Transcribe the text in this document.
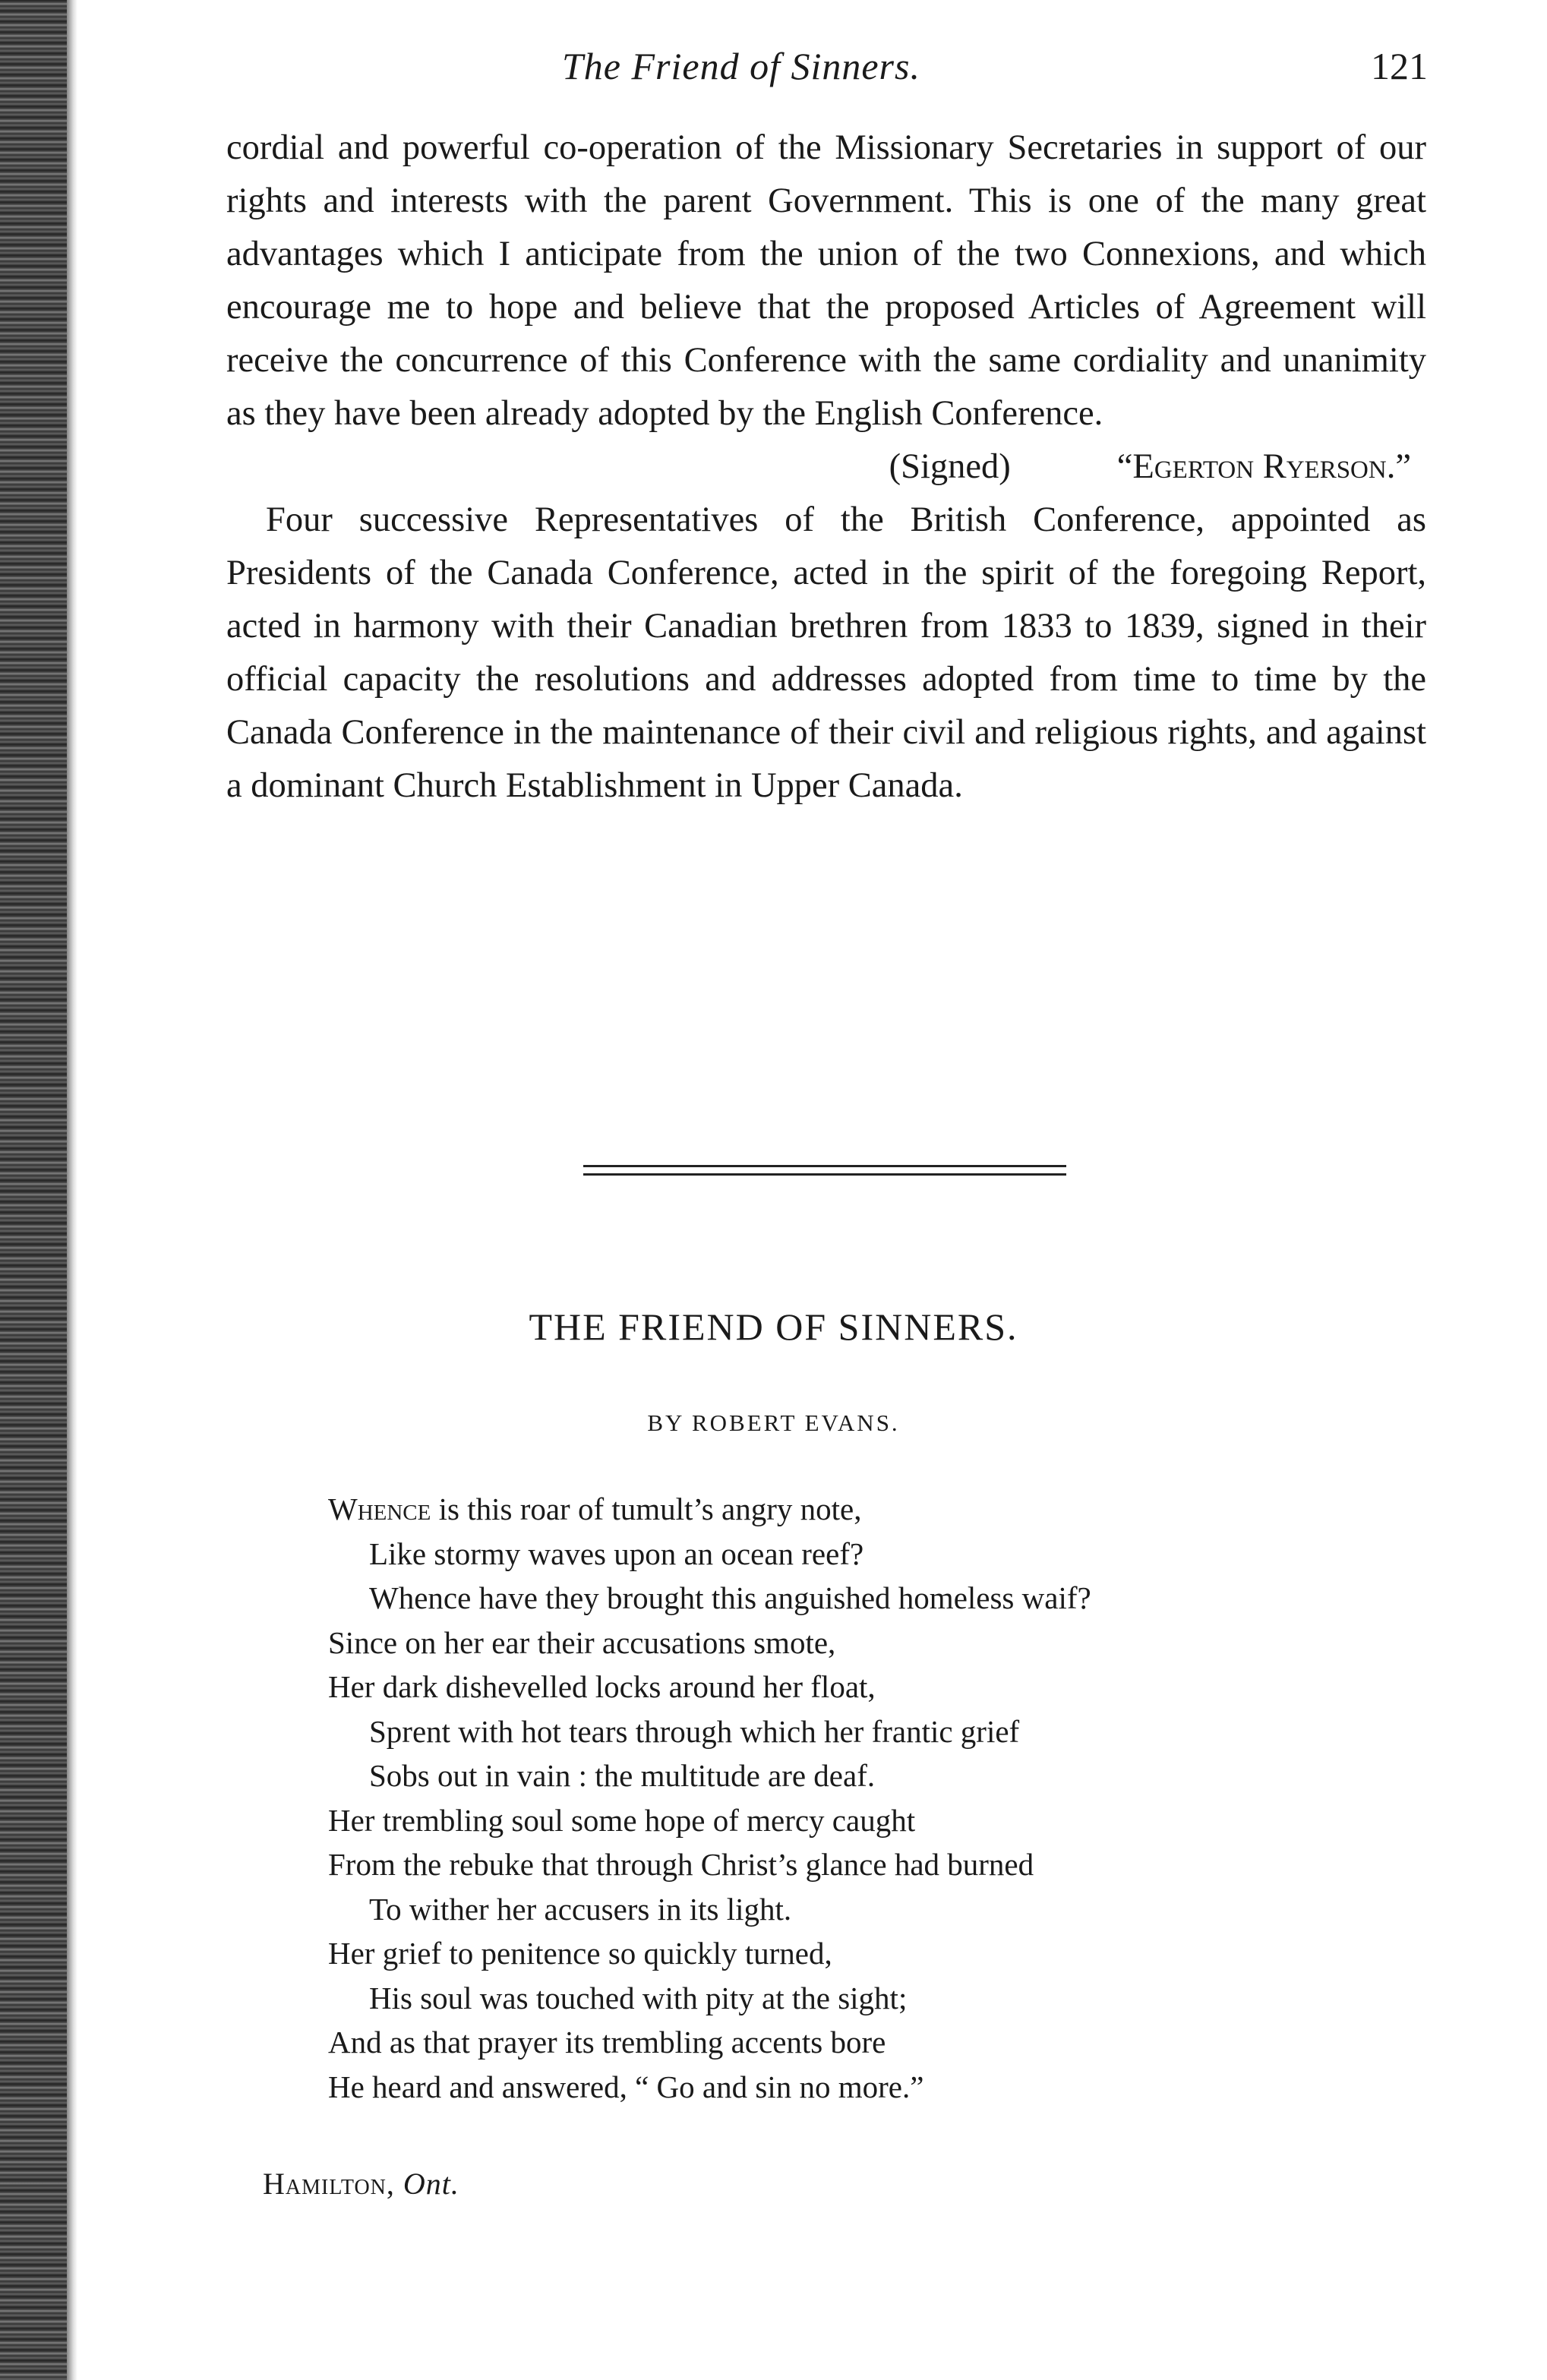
The Friend of Sinners.	121

cordial and powerful co-operation of the Missionary Secretaries in support of our rights and interests with the parent Government. This is one of the many great advantages which I anticipate from the union of the two Connexions, and which encourage me to hope and believe that the proposed Articles of Agreement will receive the concurrence of this Conference with the same cordiality and unanimity as they have been already adopted by the English Conference.

(Signed)	“Egerton Ryerson.”

Four successive Representatives of the British Conference, appointed as Presidents of the Canada Conference, acted in the spirit of the foregoing Report, acted in harmony with their Canadian brethren from 1833 to 1839, signed in their official capacity the resolutions and addresses adopted from time to time by the Canada Conference in the maintenance of their civil and religious rights, and against a dominant Church Establishment in Upper Canada.

THE FRIEND OF SINNERS.
BY ROBERT EVANS.
Whence is this roar of tumult’s angry note,
Like stormy waves upon an ocean reef?
Whence have they brought this anguished homeless waif?
Since on her ear their accusations smote,
Her dark dishevelled locks around her float,
Sprent with hot tears through which her frantic grief
Sobs out in vain : the multitude are deaf.
Her trembling soul some hope of mercy caught
From the rebuke that through Christ’s glance had burned
To wither her accusers in its light.
Her grief to penitence so quickly turned,
His soul was touched with pity at the sight;
And as that prayer its trembling accents bore
He heard and answered, “ Go and sin no more.”
Hamilton, Ont.
